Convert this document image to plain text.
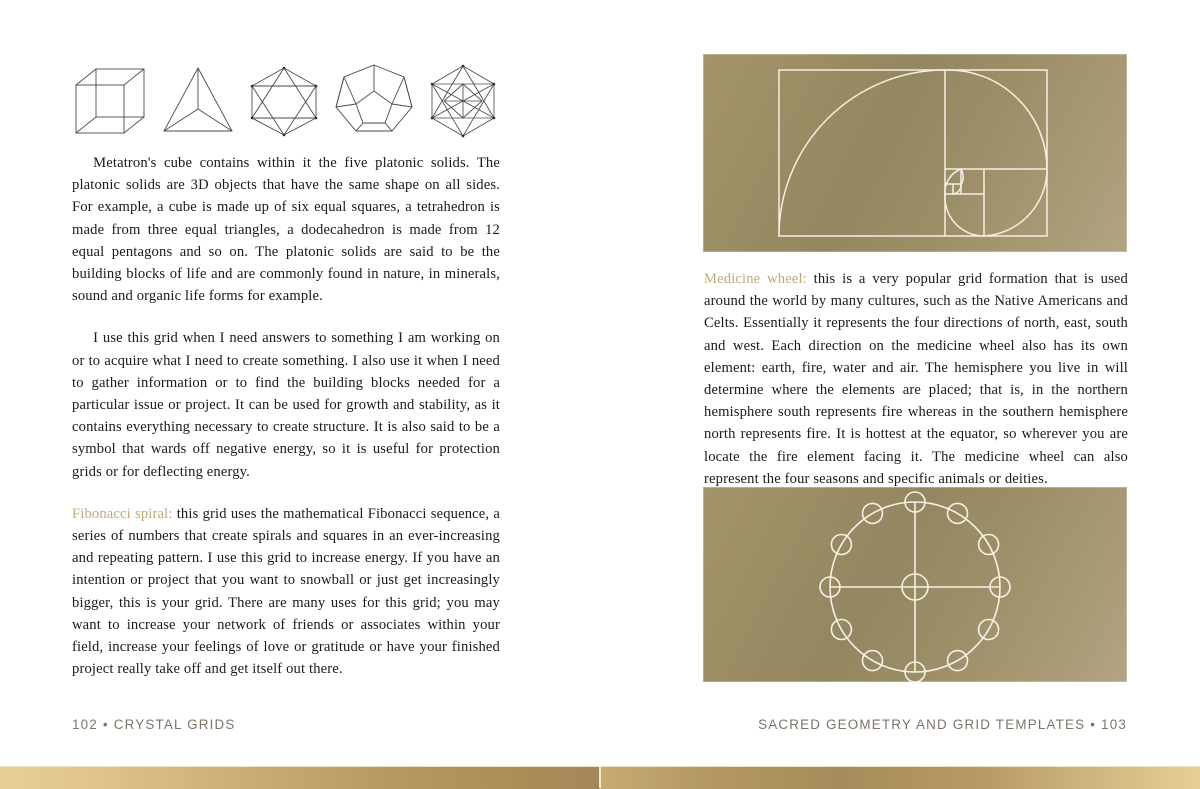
Metatron's cube contains within it the five platonic solids. The platonic solids are 3D objects that have the same shape on all sides. For example, a cube is made up of six equal squares, a tetrahedron is made from three equal triangles, a dodecahedron is made from 12 equal pentagons and so on. The platonic solids are said to be the building blocks of life and are commonly found in nature, in minerals, sound and organic life forms for example.

I use this grid when I need answers to something I am working on or to acquire what I need to create something. I also use it when I need to gather information or to find the building blocks needed for a particular issue or project. It can be used for growth and stability, as it contains everything necessary to create structure. It is also said to be a symbol that wards off negative energy, so it is useful for protection grids or for deflecting energy.

Fibonacci spiral: this grid uses the mathematical Fibonacci sequence, a series of numbers that create spirals and squares in an ever-increasing and repeating pattern. I use this grid to increase energy. If you have an intention or project that you want to snowball or just get increasingly bigger, this is your grid. There are many uses for this grid; you may want to increase your network of friends or associates within your field, increase your feelings of love or gratitude or have your finished project really take off and get itself out there.

102 • CRYSTAL GRIDS

Medicine wheel: this is a very popular grid formation that is used around the world by many cultures, such as the Native Americans and Celts. Essentially it represents the four directions of north, east, south and west. Each direction on the medicine wheel also has its own element: earth, fire, water and air. The hemisphere you live in will determine where the elements are placed; that is, in the northern hemisphere south represents fire whereas in the southern hemisphere north represents fire. It is hottest at the equator, so wherever you are locate the fire element facing it. The medicine wheel can also represent the four seasons and specific animals or deities.

SACRED GEOMETRY AND GRID TEMPLATES • 103
